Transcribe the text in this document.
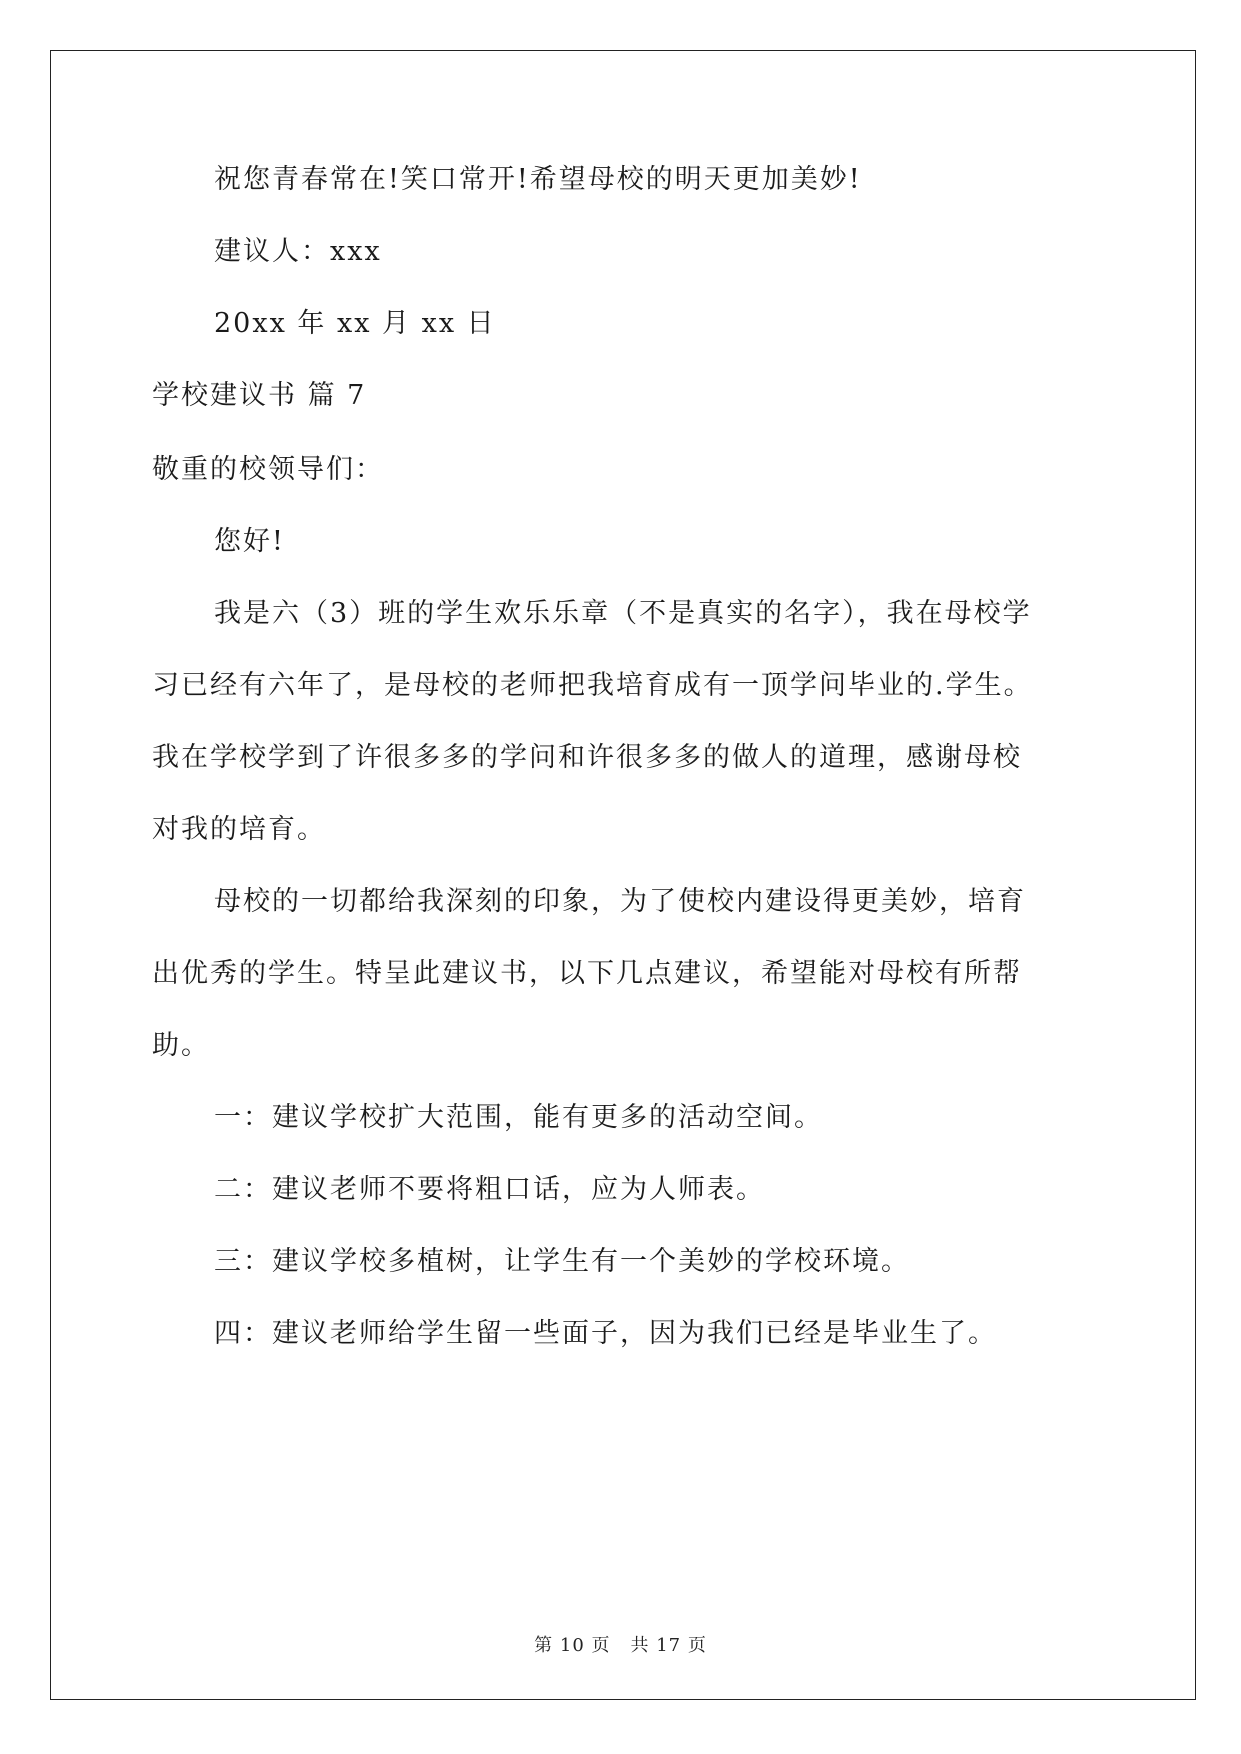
祝您青春常在!笑口常开!希望母校的明天更加美妙!
建议人：xxx
20xx 年 xx 月 xx 日
学校建议书 篇 7
敬重的校领导们：
您好!
我是六（3）班的学生欢乐乐章（不是真实的名字），我在母校学
习已经有六年了，是母校的老师把我培育成有一顶学问毕业的.学生。
我在学校学到了许很多多的学问和许很多多的做人的道理，感谢母校
对我的培育。
母校的一切都给我深刻的印象，为了使校内建设得更美妙，培育
出优秀的学生。特呈此建议书，以下几点建议，希望能对母校有所帮
助。
一：建议学校扩大范围，能有更多的活动空间。
二：建议老师不要将粗口话，应为人师表。
三：建议学校多植树，让学生有一个美妙的学校环境。
四：建议老师给学生留一些面子，因为我们已经是毕业生了。
第 10 页 共 17 页
